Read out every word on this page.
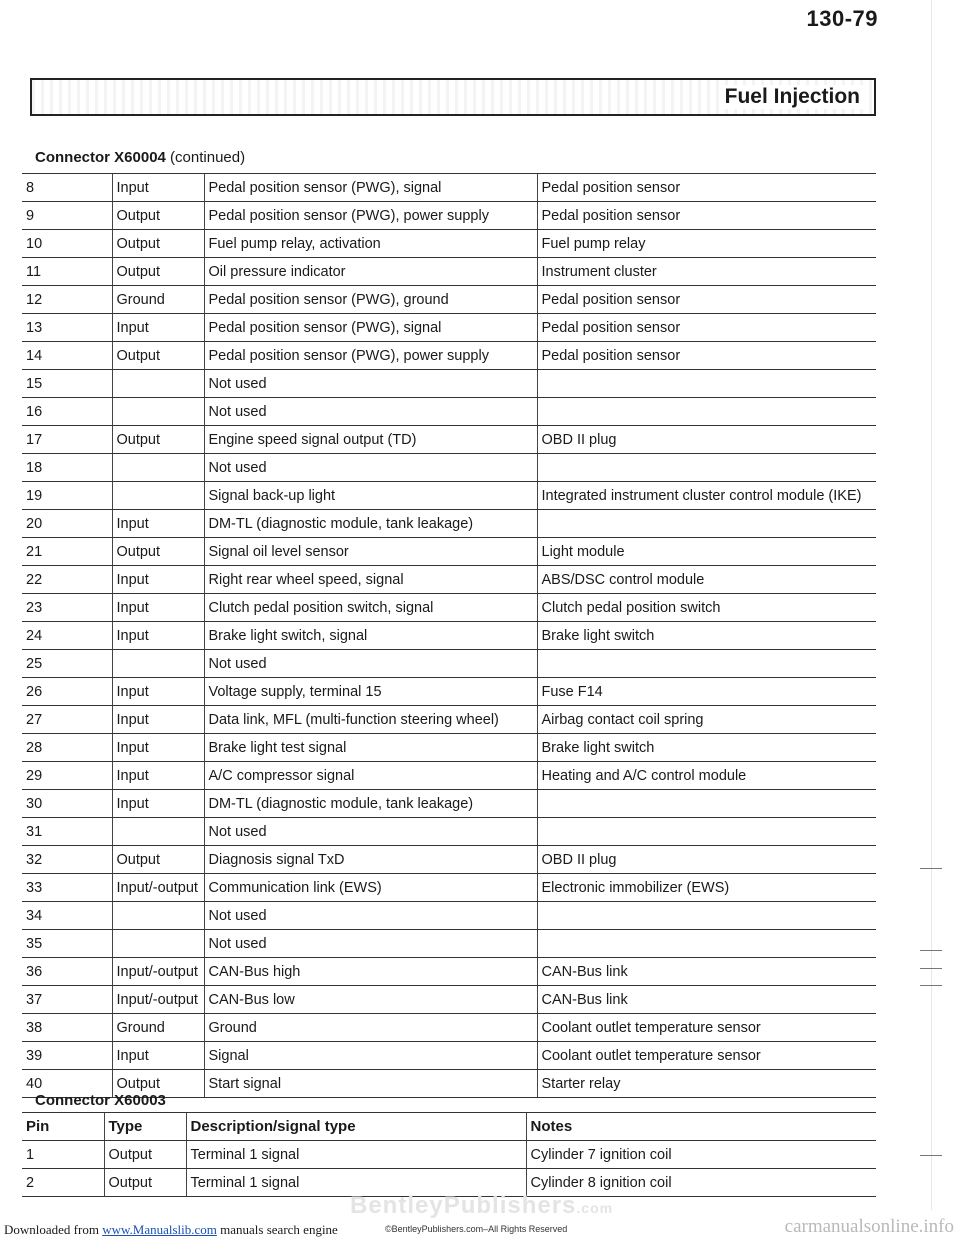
130-79
Fuel Injection
Connector X60004 (continued)
8	Input	Pedal position sensor (PWG), signal	Pedal position sensor
9	Output	Pedal position sensor (PWG), power supply	Pedal position sensor
10	Output	Fuel pump relay, activation	Fuel pump relay
11	Output	Oil pressure indicator	Instrument cluster
12	Ground	Pedal position sensor (PWG), ground	Pedal position sensor
13	Input	Pedal position sensor (PWG), signal	Pedal position sensor
14	Output	Pedal position sensor (PWG), power supply	Pedal position sensor
15		Not used	
16		Not used	
17	Output	Engine speed signal output (TD)	OBD II plug
18		Not used	
19		Signal back-up light	Integrated instrument cluster control module (IKE)
20	Input	DM-TL (diagnostic module, tank leakage)	
21	Output	Signal oil level sensor	Light module
22	Input	Right rear wheel speed, signal	ABS/DSC control module
23	Input	Clutch pedal position switch, signal	Clutch pedal position switch
24	Input	Brake light switch, signal	Brake light switch
25		Not used	
26	Input	Voltage supply, terminal 15	Fuse F14
27	Input	Data link, MFL (multi-function steering wheel)	Airbag contact coil spring
28	Input	Brake light test signal	Brake light switch
29	Input	A/C compressor signal	Heating and A/C control module
30	Input	DM-TL (diagnostic module, tank leakage)	
31		Not used	
32	Output	Diagnosis signal TxD	OBD II plug
33	Input/-output	Communication link (EWS)	Electronic immobilizer (EWS)
34		Not used	
35		Not used	
36	Input/-output	CAN-Bus high	CAN-Bus link
37	Input/-output	CAN-Bus low	CAN-Bus link
38	Ground	Ground	Coolant outlet temperature sensor
39	Input	Signal	Coolant outlet temperature sensor
40	Output	Start signal	Starter relay
Connector X60003
Pin	Type	Description/signal type	Notes
1	Output	Terminal 1 signal	Cylinder 7 ignition coil
2	Output	Terminal 1 signal	Cylinder 8 ignition coil
BentleyPublishers.com
©BentleyPublishers.com–All Rights Reserved
Downloaded from www.Manualslib.com manuals search engine	carmanualsonline.info
